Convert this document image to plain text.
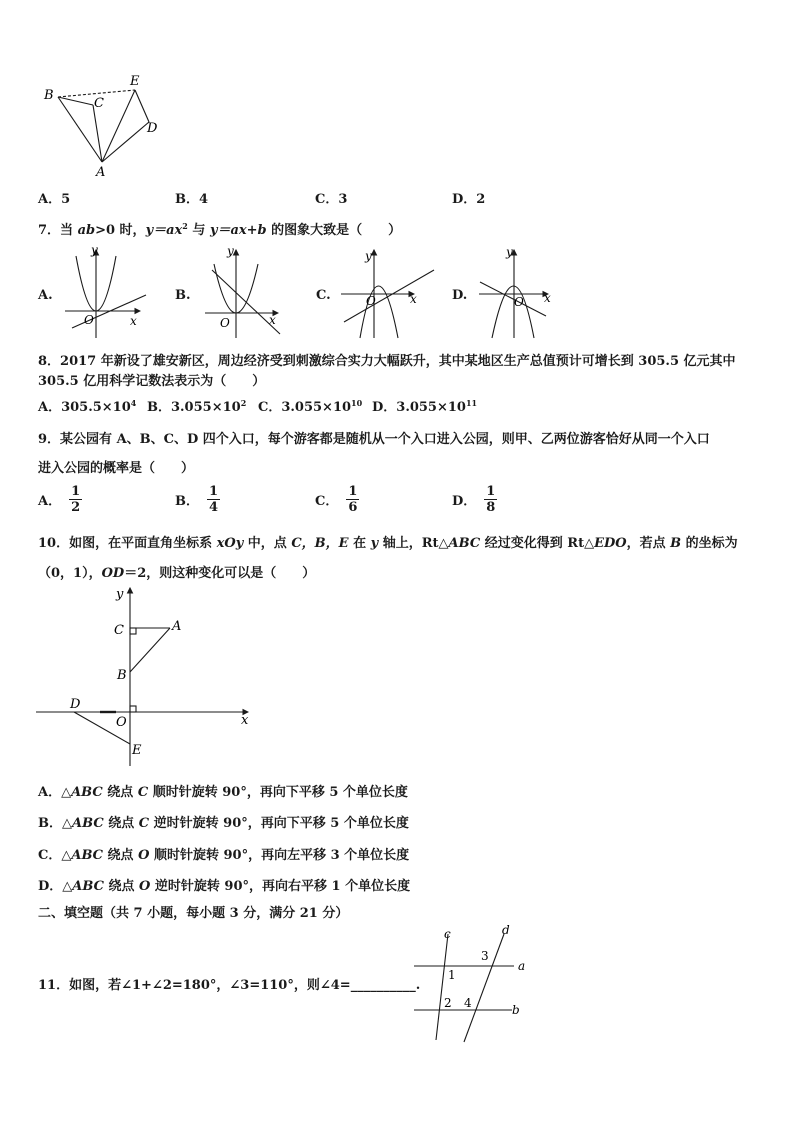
B
C
E
D
A
A．5	B．4	C．3	D．2
7．当 ab>0 时，$y=ax^2$ 与 y＝ax+b 的图象大致是（　　）
A.	B.	C.	D.
y
x
O
y
x
O
y
x
O
y
x
O
8．2017 年新设了雄安新区，周边经济受到刺激综合实力大幅跃升，其中某地区生产总值预计可增长到 305.5 亿元其中
305.5 亿用科学记数法表示为（　　）
A．$305.5\times 10^4$ B．$3.055\times 10^2$ C．$3.055\times 10^{10}$ D．$3.055\times 10^{11}$
9．某公园有 A、B、C、D 四个入口，每个游客都是随机从一个入口进入公园，则甲、乙两位游客恰好从同一个入口
进入公园的概率是（　　）
A． $\frac{1}{2}$	B． $\frac{1}{4}$	C． $\frac{1}{6}$	D． $\frac{1}{8}$
10．如图，在平面直角坐标系 xOy 中，点 C，B，E 在 y 轴上，Rt△ABC 经过变化得到 Rt△EDO，若点 B 的坐标为
（0，1），OD＝2，则这种变化可以是（　　）
y
x
C	A
B
D
O
E
A．△ABC 绕点 C 顺时针旋转 90°，再向下平移 5 个单位长度
B．△ABC 绕点 C 逆时针旋转 90°，再向下平移 5 个单位长度
C．△ABC 绕点 O 顺时针旋转 90°，再向左平移 3 个单位长度
D．△ABC 绕点 O 逆时针旋转 90°，再向右平移 1 个单位长度
二、填空题（共 7 小题，每小题 3 分，满分 21 分）
11．如图，若∠1+∠2=180°，∠3=110°，则∠4=__________.
c	d
a
b
1
2
3
4
